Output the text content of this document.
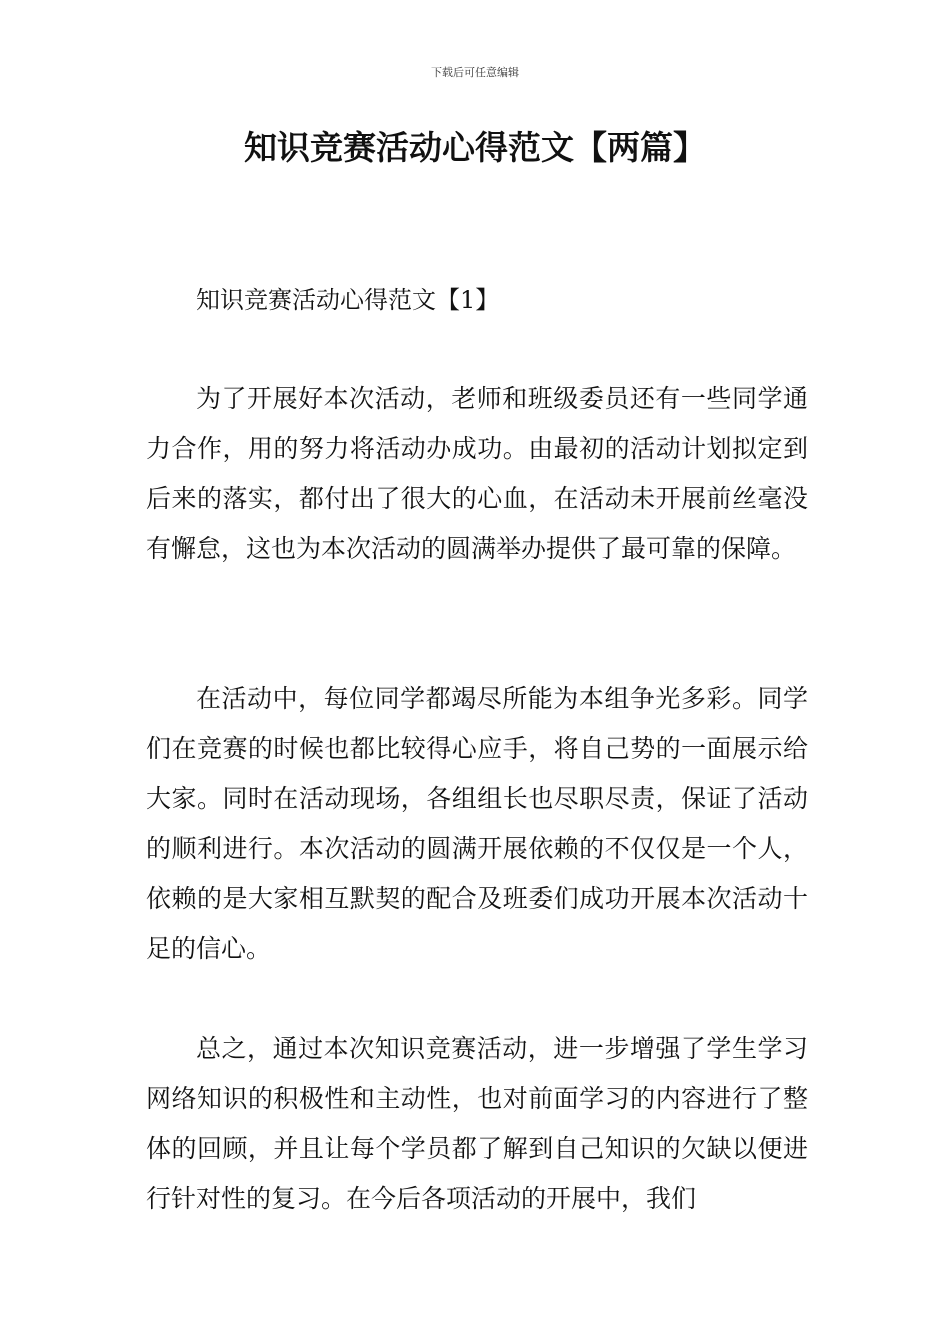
下载后可任意编辑
知识竞赛活动心得范文【两篇】
知识竞赛活动心得范文【1】

为了开展好本次活动，老师和班级委员还有一些同学通力合作，用的努力将活动办成功。由最初的活动计划拟定到后来的落实，都付出了很大的心血，在活动未开展前丝毫没有懈怠，这也为本次活动的圆满举办提供了最可靠的保障。

在活动中，每位同学都竭尽所能为本组争光多彩。同学们在竞赛的时候也都比较得心应手，将自己势的一面展示给大家。同时在活动现场，各组组长也尽职尽责，保证了活动的顺利进行。本次活动的圆满开展依赖的不仅仅是一个人，依赖的是大家相互默契的配合及班委们成功开展本次活动十足的信心。

总之，通过本次知识竞赛活动，进一步增强了学生学习网络知识的积极性和主动性，也对前面学习的内容进行了整体的回顾，并且让每个学员都了解到自己知识的欠缺以便进行针对性的复习。在今后各项活动的开展中，我们
